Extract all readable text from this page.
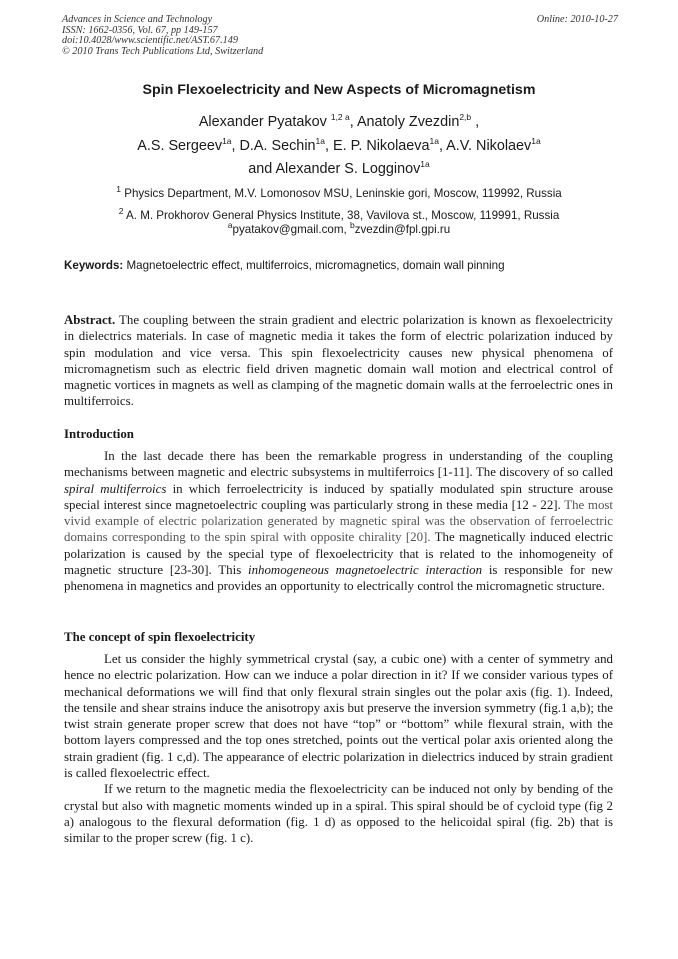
Advances in Science and Technology
ISSN: 1662-0356, Vol. 67, pp 149-157
doi:10.4028/www.scientific.net/AST.67.149
© 2010 Trans Tech Publications Ltd, Switzerland
Online: 2010-10-27
Spin Flexoelectricity and New Aspects of Micromagnetism
Alexander Pyatakov $^{1,2 a}$, Anatoly Zvezdin$^{2,b}$ ,
A.S. Sergeev$^{1a}$, D.A. Sechin$^{1a}$, E. P. Nikolaeva$^{1a}$, A.V. Nikolaev$^{1a}$
and Alexander S. Logginov$^{1a}$
$^1$ Physics Department, M.V. Lomonosov MSU, Leninskie gori, Moscow, 119992, Russia
$^2$ A. M. Prokhorov General Physics Institute, 38, Vavilova st., Moscow, 119991, Russia
$^a$pyatakov@gmail.com, $^b$zvezdin@fpl.gpi.ru
Keywords: Magnetoelectric effect, multiferroics, micromagnetics, domain wall pinning

Abstract. The coupling between the strain gradient and electric polarization is known as flexoelectricity in dielectrics materials. In case of magnetic media it takes the form of electric polarization induced by spin modulation and vice versa. This spin flexoelectricity causes new physical phenomena of micromagnetism such as electric field driven magnetic domain wall motion and electrical control of magnetic vortices in magnets as well as clamping of the magnetic domain walls at the ferroelectric ones in multiferroics.

Introduction

In the last decade there has been the remarkable progress in understanding of the coupling mechanisms between magnetic and electric subsystems in multiferroics [1-11]. The discovery of so called spiral multiferroics in which ferroelectricity is induced by spatially modulated spin structure arouse special interest since magnetoelectric coupling was particularly strong in these media [12 - 22]. The most vivid example of electric polarization generated by magnetic spiral was the observation of ferroelectric domains corresponding to the spin spiral with opposite chirality [20]. The magnetically induced electric polarization is caused by the special type of flexoelectricity that is related to the inhomogeneity of magnetic structure [23-30]. This inhomogeneous magnetoelectric interaction is responsible for new phenomena in magnetics and provides an opportunity to electrically control the micromagnetic structure.

The concept of spin flexoelectricity

Let us consider the highly symmetrical crystal (say, a cubic one) with a center of symmetry and hence no electric polarization. How can we induce a polar direction in it? If we consider various types of mechanical deformations we will find that only flexural strain singles out the polar axis (fig. 1). Indeed, the tensile and shear strains induce the anisotropy axis but preserve the inversion symmetry (fig.1 a,b); the twist strain generate proper screw that does not have “top” or “bottom” while flexural strain, with the bottom layers compressed and the top ones stretched, points out the vertical polar axis oriented along the strain gradient (fig. 1 c,d). The appearance of electric polarization in dielectrics induced by strain gradient is called flexoelectric effect.

If we return to the magnetic media the flexoelectricity can be induced not only by bending of the crystal but also with magnetic moments winded up in a spiral. This spiral should be of cycloid type (fig 2 a) analogous to the flexural deformation (fig. 1 d) as opposed to the helicoidal spiral (fig. 2b) that is similar to the proper screw (fig. 1 c).
